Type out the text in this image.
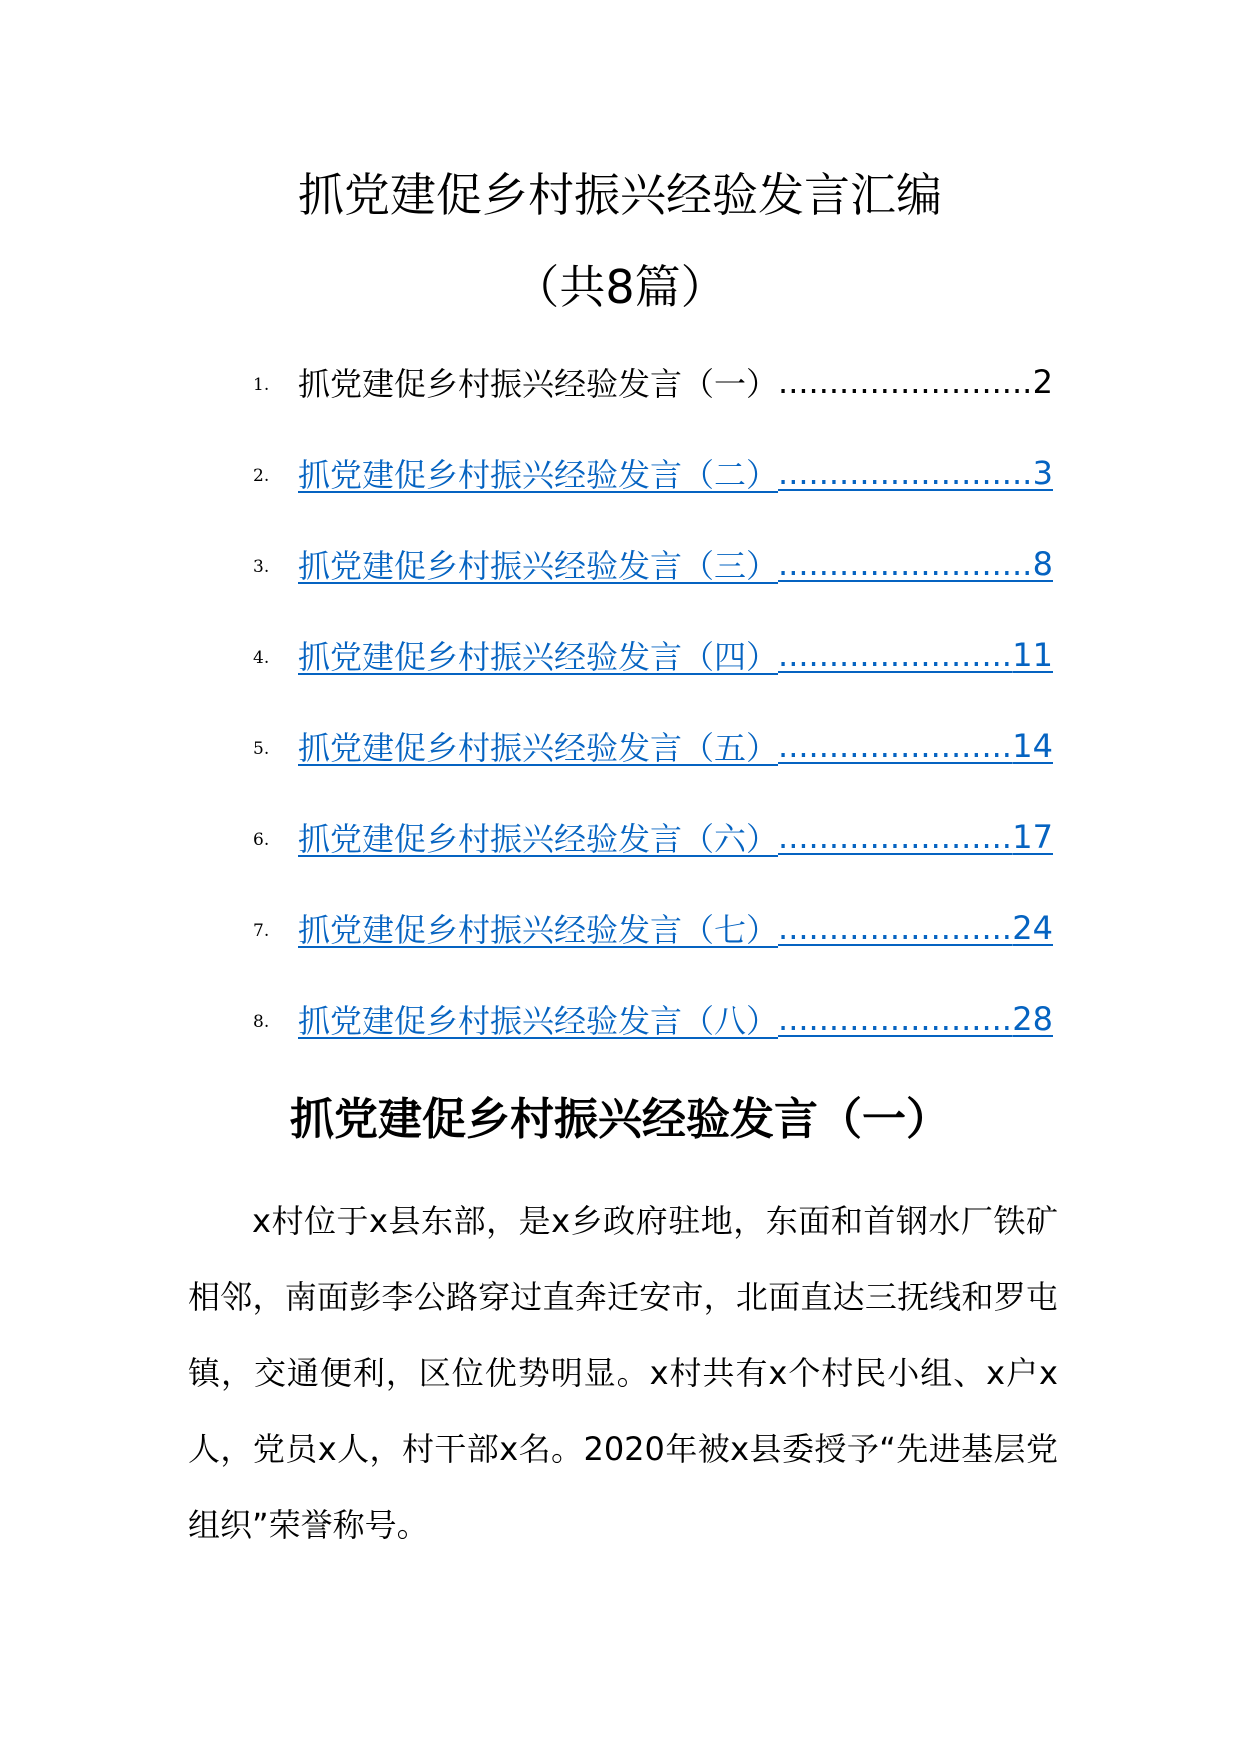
抓党建促乡村振兴经验发言汇编
（共8篇）
1. 抓党建促乡村振兴经验发言（一） .....	2
2. 抓党建促乡村振兴经验发言（二） .....	3
3. 抓党建促乡村振兴经验发言（三） .....	8
4. 抓党建促乡村振兴经验发言（四） .....	11
5. 抓党建促乡村振兴经验发言（五） .....	14
6. 抓党建促乡村振兴经验发言（六） .....	17
7. 抓党建促乡村振兴经验发言（七） .....	24
8. 抓党建促乡村振兴经验发言（八） .....	28
抓党建促乡村振兴经验发言（一）

x村位于x县东部，是x乡政府驻地，东面和首钢水厂铁矿相邻，南面彭李公路穿过直奔迁安市，北面直达三抚线和罗屯镇，交通便利，区位优势明显。x村共有x个村民小组、x户x人，党员x人，村干部x名。2020年被x县委授予“先进基层党组织”荣誉称号。
